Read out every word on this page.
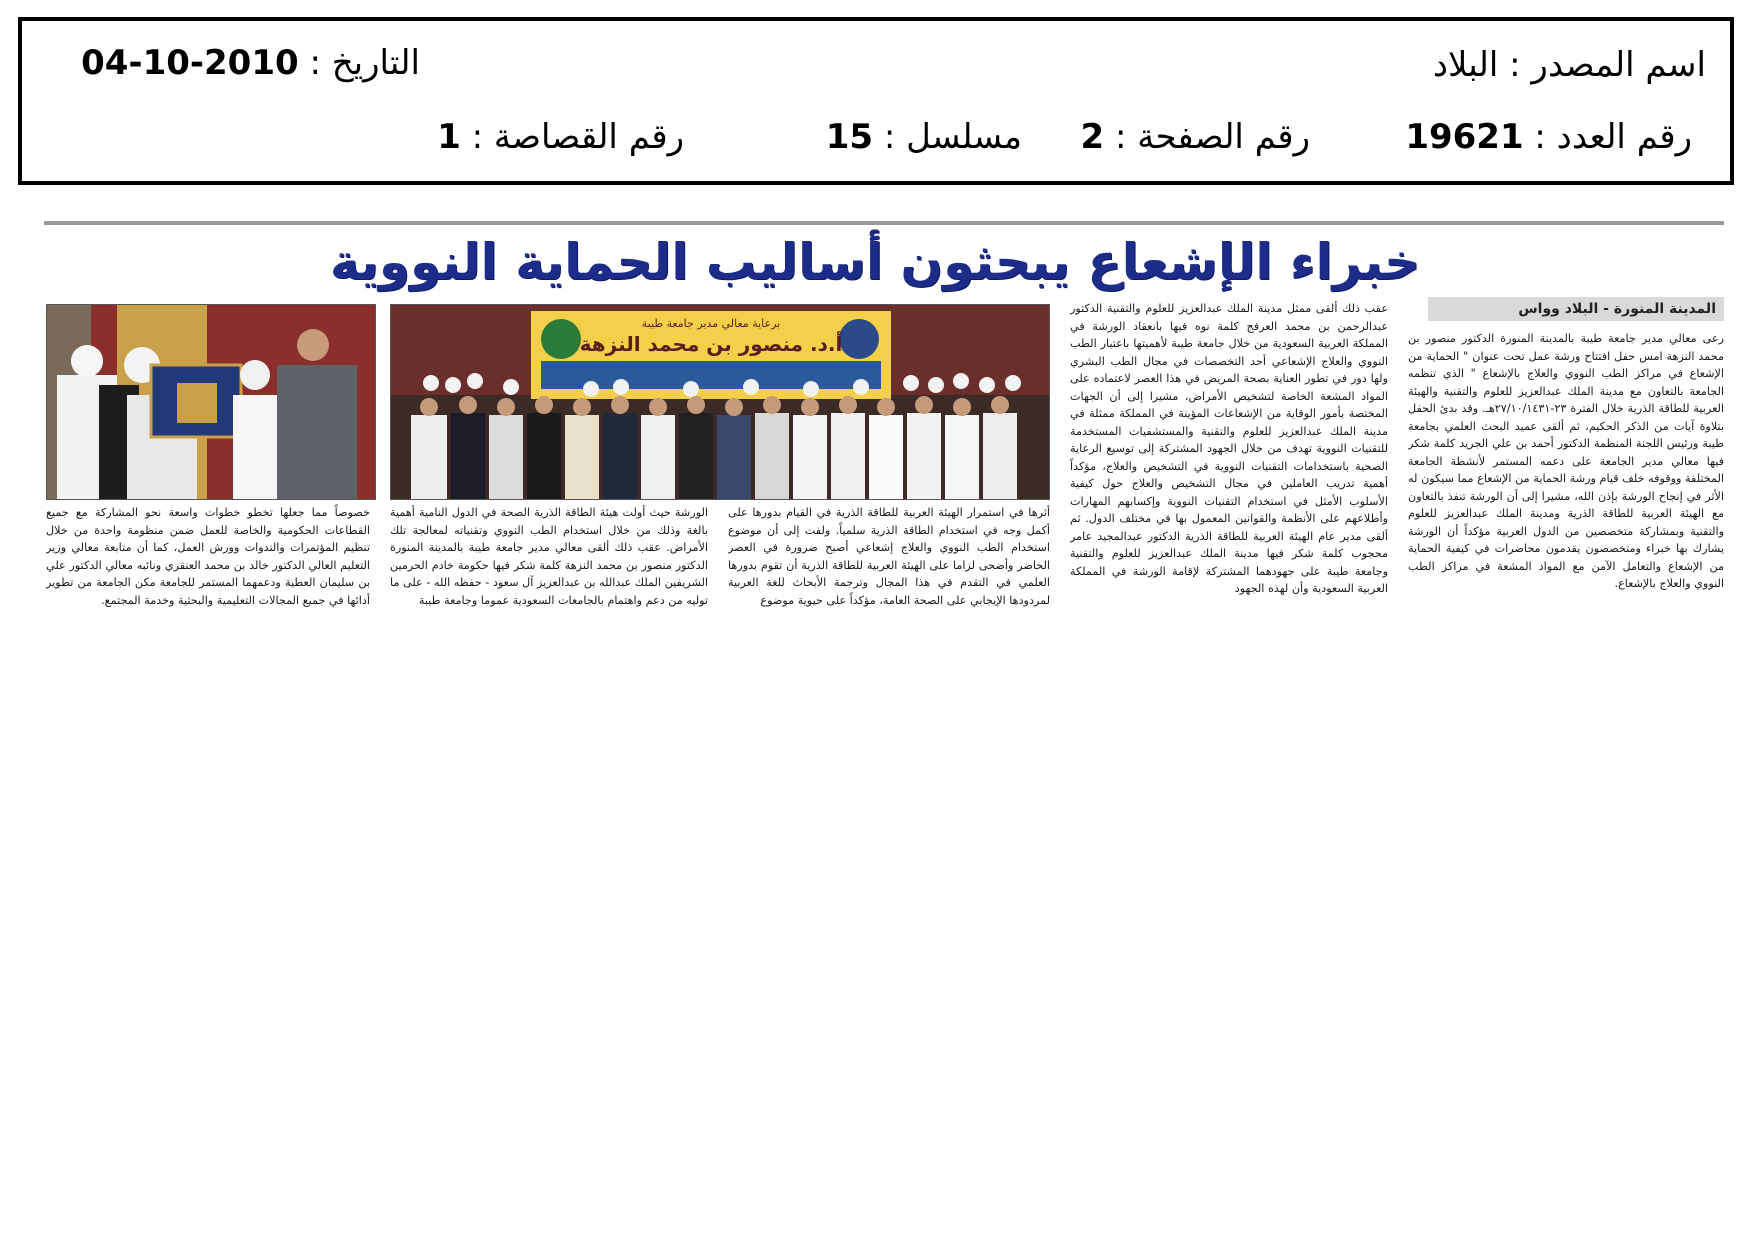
اسم المصدر : البلاد
التاريخ : 2010-10-04
رقم العدد : 19621
رقم الصفحة : 2
مسلسل : 15
رقم القصاصة : 1
خبراء الإشعاع يبحثون أساليب الحماية النووية
المدينة المنورة - البلاد وواس

رعى معالي مدير جامعة طيبة بالمدينة المنورة الدكتور منصور بن محمد النزهة امس حفل افتتاح ورشة عمل تحت عنوان " الحماية من الإشعاع في مراكز الطب النووي والعلاج بالإشعاع " الذي تنظمه الجامعة بالتعاون مع مدينة الملك عبدالعزيز للعلوم والتقنية والهيئة العربية للطاقة الذرية خلال الفترة ٢٣-٢٧/١٠/١٤٣١هـ. وقد بدئ الحفل بتلاوة آيات من الذكر الحكيم، ثم ألقى عميد البحث العلمي بجامعة طيبة ورئيس اللجنة المنظمة الدكتور أحمد بن علي الجريد كلمة شكر فيها معالي مدير الجامعة على دعمه المستمر لأنشطة الجامعة المختلفة ووقوفه خلف قيام ورشة الحماية من الإشعاع مما سيكون له الأثر في إنجاح الورشة بإذن الله، مشيرا إلى أن الورشة تنفذ بالتعاون مع الهيئة العربية للطاقة الذرية ومدينة الملك عبدالعزيز للعلوم والتقنية وبمشاركة متخصصين من الدول العربية مؤكداً أن الورشة يشارك بها خبراء ومتخصصون يقدمون محاضرات في كيفية الحماية من الإشعاع والتعامل الآمن مع المواد المشعة في مراكز الطب النووي والعلاج بالإشعاع.

عقب ذلك ألقى ممثل مدينة الملك عبدالعزيز للعلوم والتقنية الدكتور عبدالرحمن بن محمد العرفج كلمة نوه فيها بانعقاد الورشة في المملكة العربية السعودية من خلال جامعة طيبة لأهميتها باعتبار الطب النووي والعلاج الإشعاعي أحد التخصصات في مجال الطب البشري ولها دور في تطور العناية بصحة المريض في هذا العصر لاعتماده على المواد المشعة الخاصة لتشخيص الأمراض، مشيرا إلى أن الجهات المختصة بأمور الوقاية من الإشعاعات المؤينة في المملكة ممثلة في مدينة الملك عبدالعزيز للعلوم والتقنية والمستشفيات المستخدمة للتقنيات النووية تهدف من خلال الجهود المشتركة إلى توسيع الرعاية الصحية باستخدامات التقنيات النووية في التشخيص والعلاج، مؤكداً أهمية تدريب العاملين في مجال التشخيص والعلاج حول كيفية الأسلوب الأمثل في استخدام التقنيات النووية وإكسابهم المهارات وأطلاعهم على الأنظمة والقوانين المعمول بها في مختلف الدول. ثم ألقى مدير عام الهيئة العربية للطاقة الذرية الدكتور عبدالمجيد عامر محجوب كلمة شكر فيها مدينة الملك عبدالعزيز للعلوم والتقنية وجامعة طيبة على جهودهما المشتركة لإقامة الورشة في المملكة العربية السعودية وأن لهذه الجهود

أثرها في استمرار الهيئة العربية للطاقة الذرية في القيام بدورها على أكمل وجه في استخدام الطاقة الذرية سلمياً. ولفت إلى أن موضوع استخدام الطب النووي والعلاج إشعاعي أصبح ضرورة في العصر الحاضر وأضحى لزاما على الهيئة العربية للطاقة الذرية أن تقوم بدورها العلمي في التقدم في هذا المجال وترجمة الأبحاث للغة العربية لمردودها الإيجابي على الصحة العامة، مؤكداً على حيوية موضوع

الورشة حيث أولت هيئة الطاقة الذرية الصحة في الدول النامية أهمية بالغة وذلك من خلال استخدام الطب النووي وتقنياته لمعالجة تلك الأمراض. عقب ذلك ألقى معالي مدير جامعة طيبة بالمدينة المنورة الدكتور منصور بن محمد النزهة كلمة شكر فيها حكومة خادم الحرمين الشريفين الملك عبدالله بن عبدالعزيز آل سعود - حفظه الله - على ما توليه من دعم واهتمام بالجامعات السعودية عموما وجامعة طيبة

خصوصاً مما جعلها تخطو خطوات واسعة نحو المشاركة مع جميع القطاعات الحكومية والخاصة للعمل ضمن منظومة واحدة من خلال تنظيم المؤتمرات والندوات وورش العمل، كما أن متابعة معالي وزير التعليم العالي الدكتور خالد بن محمد العنقري ونائبه معالي الدكتور علي بن سليمان العطية ودعمهما المستمر للجامعة مكن الجامعة من تطوير أدائها في جميع المجالات التعليمية والبحثية وخدمة المجتمع.

برعاية معالي مدير جامعة طيبة
أ.د. منصور بن محمد النزهة
